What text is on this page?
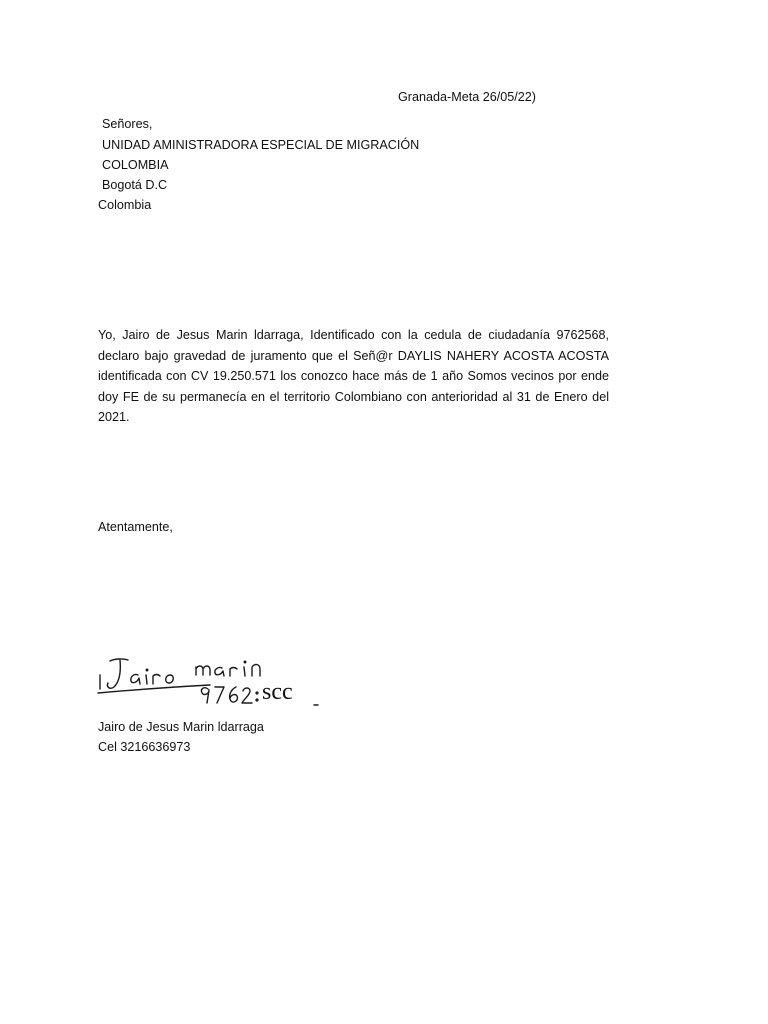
Granada-Meta 26/05/22)
Señores,
UNIDAD AMINISTRADORA ESPECIAL DE MIGRACIÓN
COLOMBIA
Bogotá D.C
Colombia
Yo, Jairo de Jesus Marin ldarraga, Identificado con la cedula de ciudadanía 9762568, declaro bajo gravedad de juramento que el Señ@r DAYLIS NAHERY ACOSTA ACOSTA identificada con CV 19.250.571 los conozco hace más de 1 año Somos vecinos por ende doy FE de su permanecía en el territorio Colombiano con anterioridad al 31 de Enero del 2021.
Atentamente,
scc
Jairo de Jesus Marin ldarraga
Cel 3216636973
